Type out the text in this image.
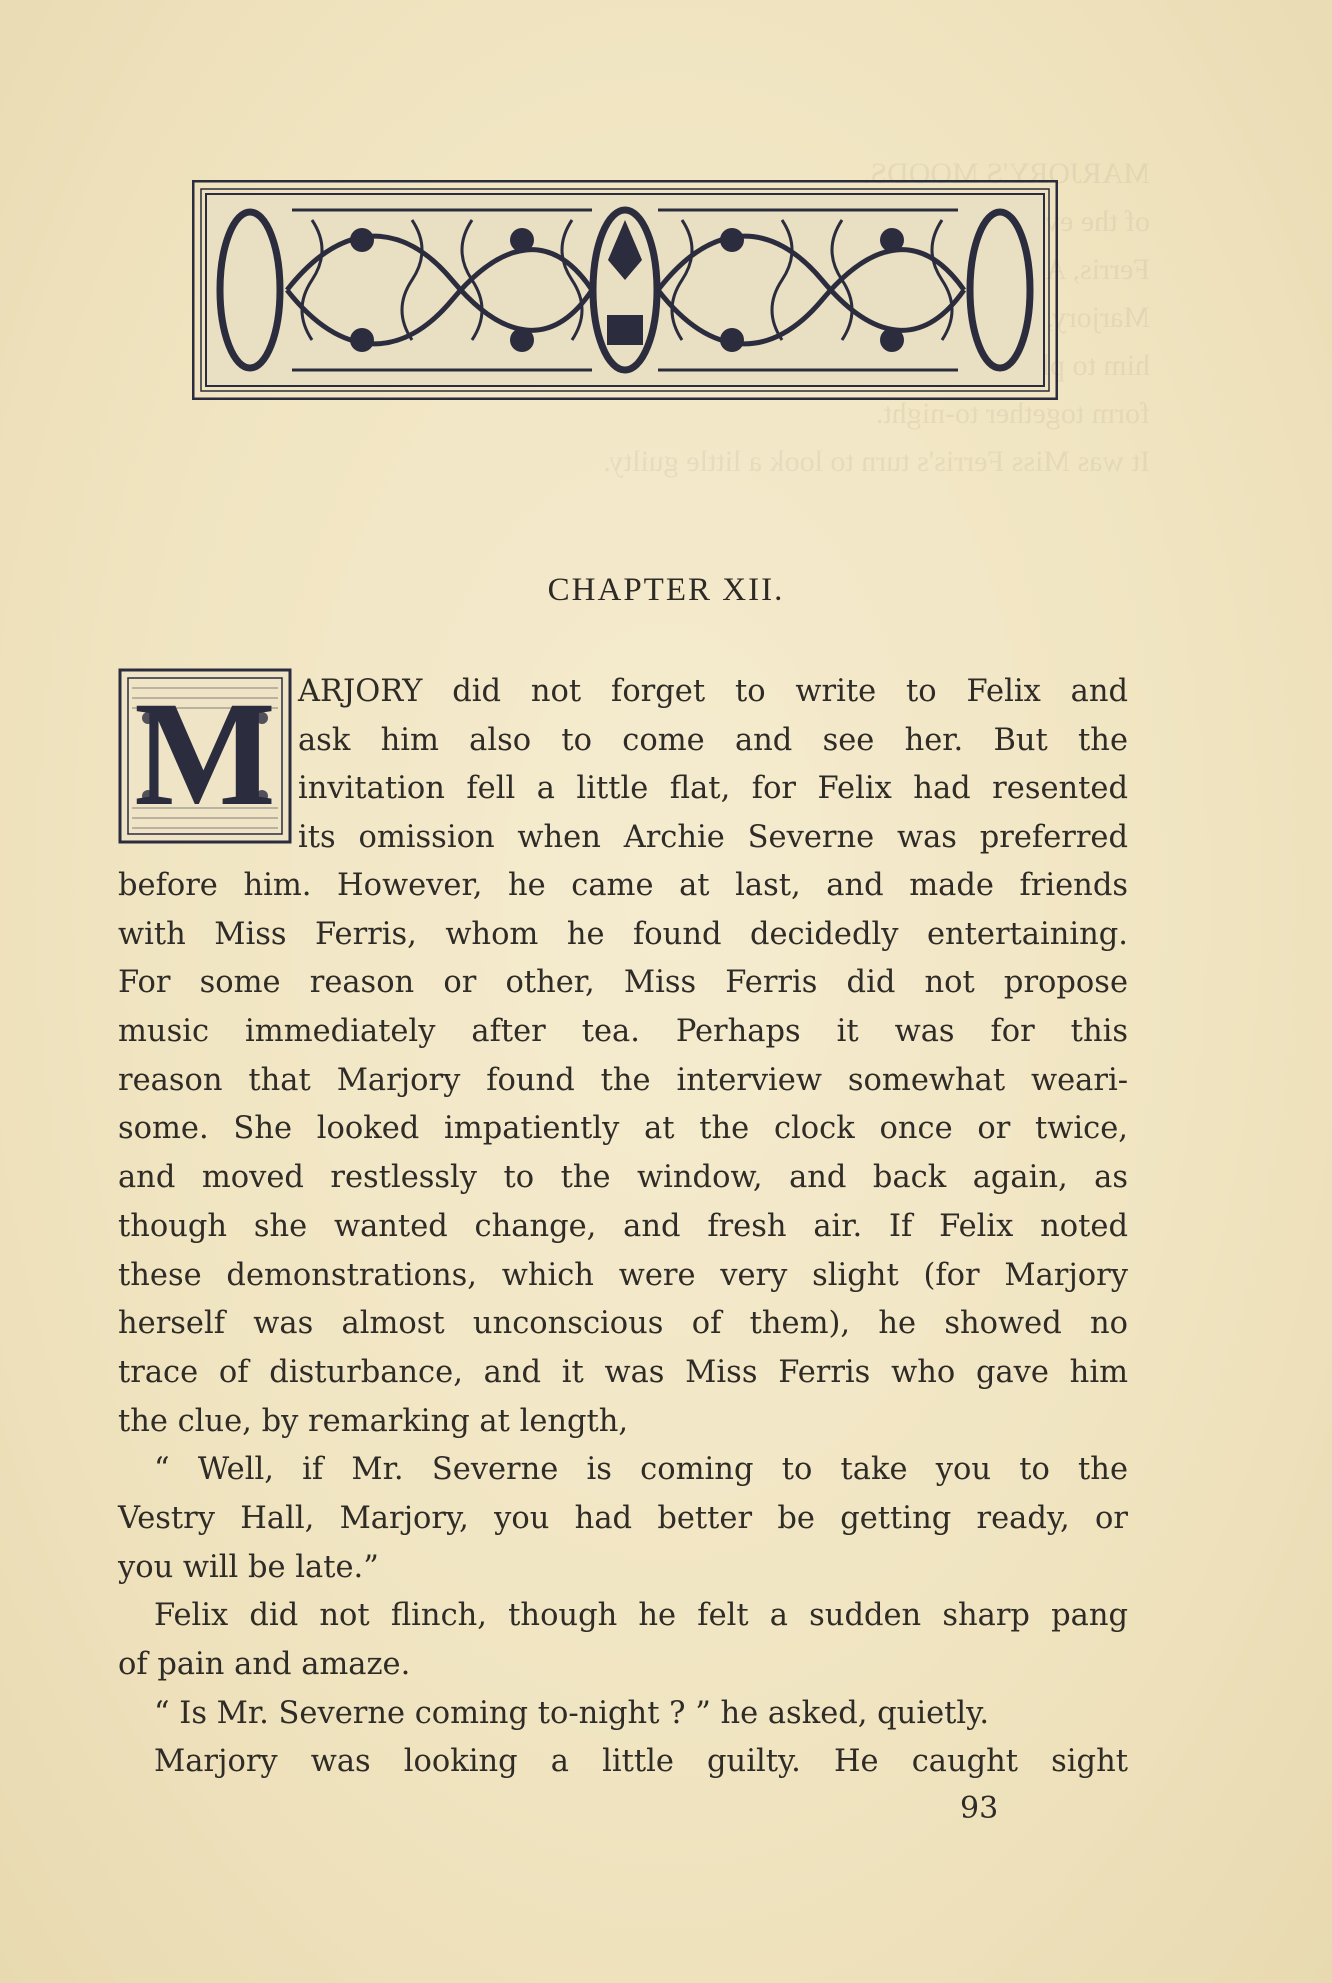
MARJORY'S MOODS.
of the
Ferris,
Marjory,
him to
form together to-night.
It was Miss Ferris's turn to look a little guilty.
CHAPTER XII.
M ARJORY did not forget to write to Felix and
ask him also to come and see her. But the
invitation fell a little flat, for Felix had resented
its omission when Archie Severne was preferred
before him. However, he came at last, and made friends
with Miss Ferris, whom he found decidedly entertaining.
For some reason or other, Miss Ferris did not propose
music immediately after tea. Perhaps it was for this
reason that Marjory found the interview somewhat weari-
some. She looked impatiently at the clock once or twice,
and moved restlessly to the window, and back again, as
though she wanted change, and fresh air. If Felix noted
these demonstrations, which were very slight (for Marjory
herself was almost unconscious of them), he showed no
trace of disturbance, and it was Miss Ferris who gave him
the clue, by remarking at length,
“ Well, if Mr. Severne is coming to take you to the
Vestry Hall, Marjory, you had better be getting ready, or
you will be late.”
Felix did not flinch, though he felt a sudden sharp pang
of pain and amaze.
“ Is Mr. Severne coming to-night ? ” he asked, quietly.
Marjory was looking a little guilty. He caught sight
93
